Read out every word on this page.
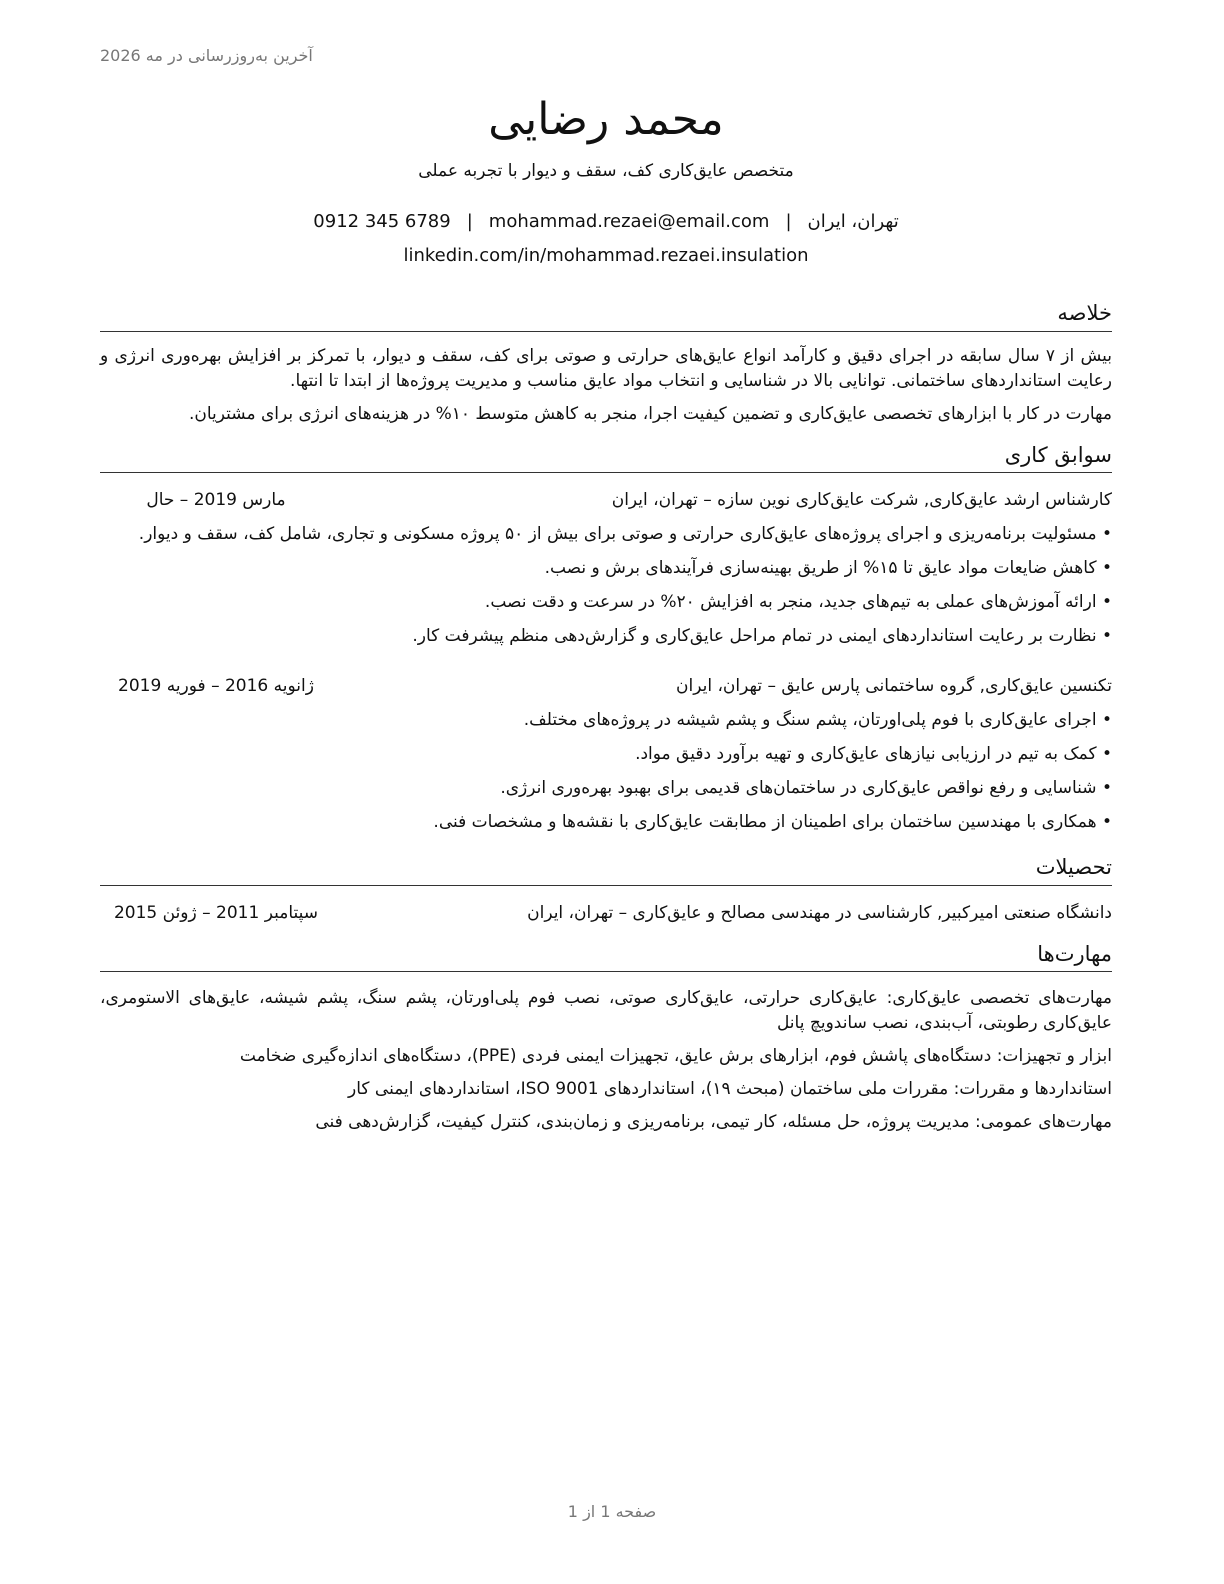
آخرین به‌روزرسانی در مه 2026
محمد رضایی
متخصص عایق‌کاری کف، سقف و دیوار با تجربه عملی
تهران، ایران|mohammad.rezaei@email.com|0912 345 6789
linkedin.com/in/mohammad.rezaei.insulation
خلاصه

بیش از ۷ سال سابقه در اجرای دقیق و کارآمد انواع عایق‌های حرارتی و صوتی برای کف، سقف و دیوار، با تمرکز بر افزایش بهره‌وری انرژی و رعایت استانداردهای ساختمانی. توانایی بالا در شناسایی و انتخاب مواد عایق مناسب و مدیریت پروژه‌ها از ابتدا تا انتها.

مهارت در کار با ابزارهای تخصصی عایق‌کاری و تضمین کیفیت اجرا، منجر به کاهش متوسط ۱۰% در هزینه‌های انرژی برای مشتریان.

سوابق کاری
کارشناس ارشد عایق‌کاری, شرکت عایق‌کاری نوین سازه – تهران، ایران
مارس 2019 – حال
• مسئولیت برنامه‌ریزی و اجرای پروژه‌های عایق‌کاری حرارتی و صوتی برای بیش از ۵۰ پروژه مسکونی و تجاری، شامل کف، سقف و دیوار.
• کاهش ضایعات مواد عایق تا ۱۵% از طریق بهینه‌سازی فرآیندهای برش و نصب.
• ارائه آموزش‌های عملی به تیم‌های جدید، منجر به افزایش ۲۰% در سرعت و دقت نصب.
• نظارت بر رعایت استانداردهای ایمنی در تمام مراحل عایق‌کاری و گزارش‌دهی منظم پیشرفت کار.
تکنسین عایق‌کاری, گروه ساختمانی پارس عایق – تهران، ایران
ژانویه 2016 – فوریه 2019
• اجرای عایق‌کاری با فوم پلی‌اورتان، پشم سنگ و پشم شیشه در پروژه‌های مختلف.
• کمک به تیم در ارزیابی نیازهای عایق‌کاری و تهیه برآورد دقیق مواد.
• شناسایی و رفع نواقص عایق‌کاری در ساختمان‌های قدیمی برای بهبود بهره‌وری انرژی.
• همکاری با مهندسین ساختمان برای اطمینان از مطابقت عایق‌کاری با نقشه‌ها و مشخصات فنی.
تحصیلات
دانشگاه صنعتی امیرکبیر, کارشناسی در مهندسی مصالح و عایق‌کاری – تهران، ایران
سپتامبر 2011 – ژوئن 2015
مهارت‌ها

مهارت‌های تخصصی عایق‌کاری: عایق‌کاری حرارتی، عایق‌کاری صوتی، نصب فوم پلی‌اورتان، پشم سنگ، پشم شیشه، عایق‌های الاستومری، عایق‌کاری رطوبتی، آب‌بندی، نصب ساندویچ پانل

ابزار و تجهیزات: دستگاه‌های پاشش فوم، ابزارهای برش عایق، تجهیزات ایمنی فردی (PPE)، دستگاه‌های اندازه‌گیری ضخامت

استانداردها و مقررات: مقررات ملی ساختمان (مبحث ۱۹)، استانداردهای ISO 9001، استانداردهای ایمنی کار

مهارت‌های عمومی: مدیریت پروژه، حل مسئله، کار تیمی، برنامه‌ریزی و زمان‌بندی، کنترل کیفیت، گزارش‌دهی فنی

صفحه 1 از 1
